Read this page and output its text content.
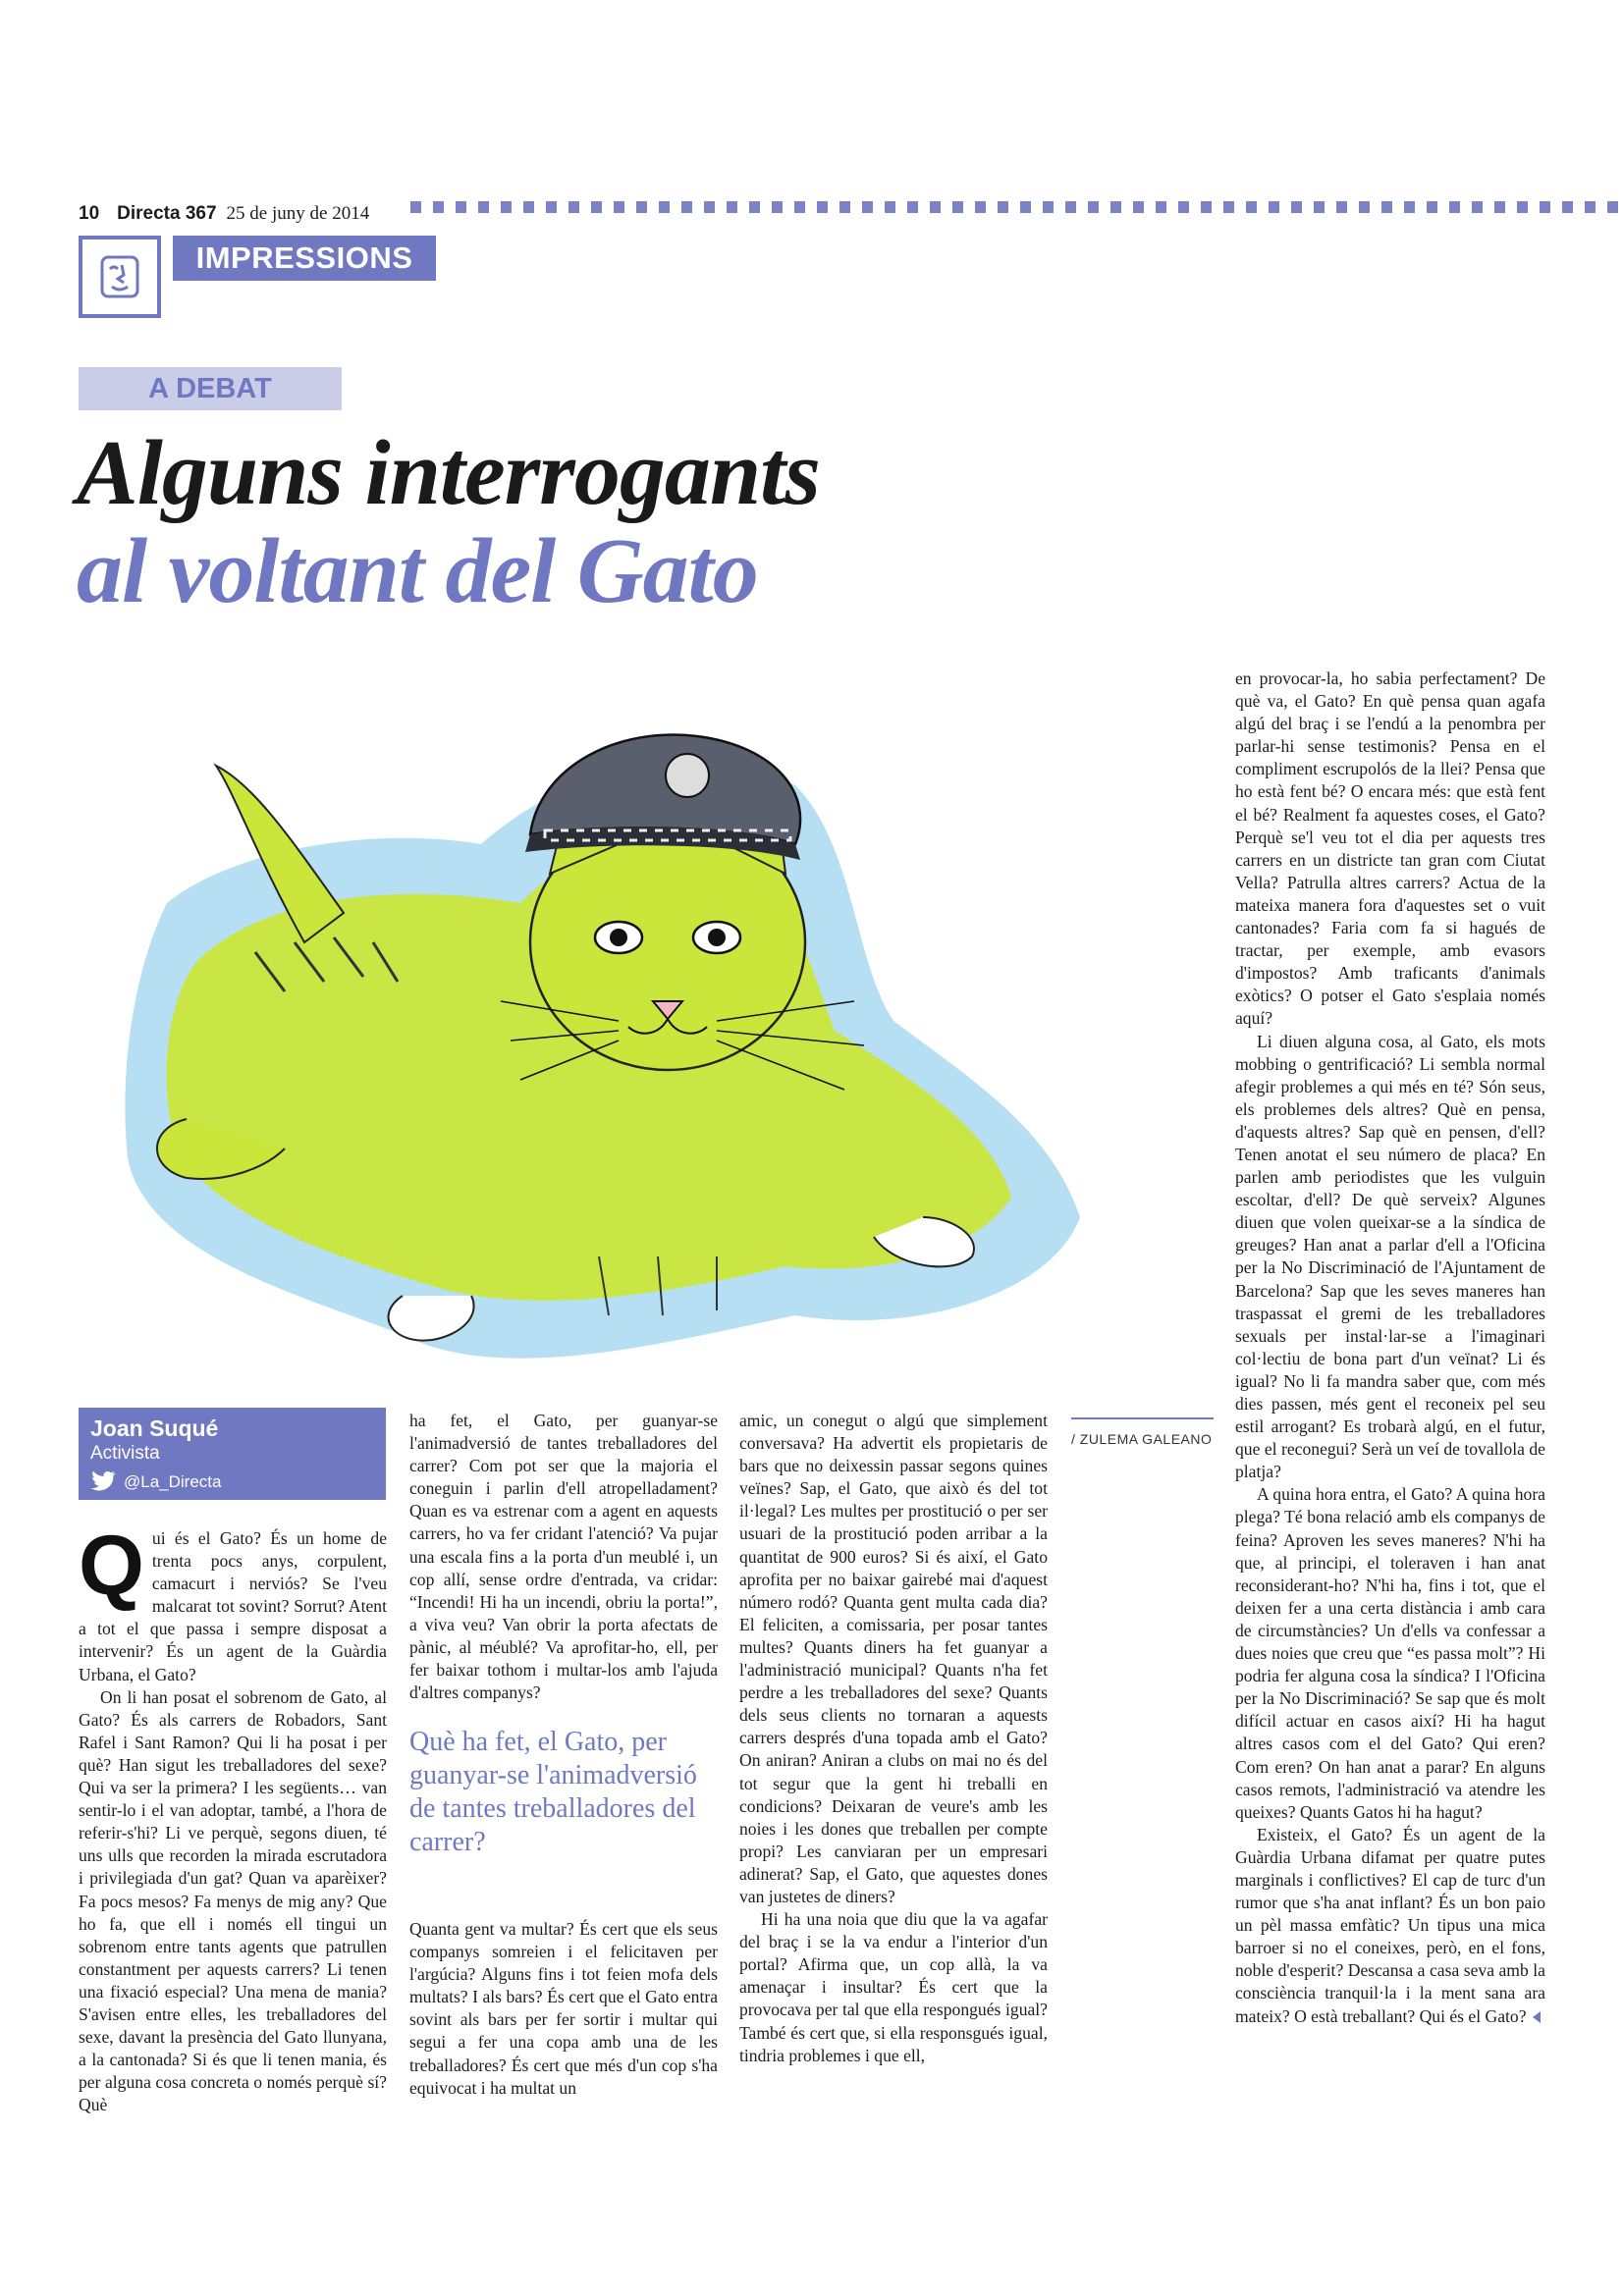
10 Directa 367 25 de juny de 2014
IMPRESSIONS
A DEBAT
Alguns interrogants
al voltant del Gato
Joan Suqué
Activista
@La_Directa
/ ZULEMA GALEANO
Q ui és el Gato? És un home de trenta pocs anys, corpulent, camacurt i nerviós? Se l'veu malcarat tot sovint? Sorrut? Atent a tot el que passa i sempre disposat a intervenir? És un agent de la Guàrdia Urbana, el Gato?

On li han posat el sobrenom de Gato, al Gato? És als carrers de Robadors, Sant Rafel i Sant Ramon? Qui li ha posat i per què? Han sigut les treballadores del sexe? Qui va ser la primera? I les següents… van sentir-lo i el van adoptar, també, a l'hora de referir-s'hi? Li ve perquè, segons diuen, té uns ulls que recorden la mirada escrutadora i privilegiada d'un gat? Quan va aparèixer? Fa pocs mesos? Fa menys de mig any? Que ho fa, que ell i només ell tingui un sobrenom entre tants agents que patrullen constantment per aquests carrers? Li tenen una fixació especial? Una mena de mania? S'avisen entre elles, les treballadores del sexe, davant la presència del Gato llunyana, a la cantonada? Si és que li tenen mania, és per alguna cosa concreta o només perquè sí? Què

ha fet, el Gato, per guanyar-se l'animadversió de tantes treballadores del carrer? Com pot ser que la majoria el coneguin i parlin d'ell atropelladament? Quan es va estrenar com a agent en aquests carrers, ho va fer cridant l'atenció? Va pujar una escala fins a la porta d'un meublé i, un cop allí, sense ordre d'entrada, va cridar: “Incendi! Hi ha un incendi, obriu la porta!”, a viva veu? Van obrir la porta afectats de pànic, al méublé? Va aprofitar-ho, ell, per fer baixar tothom i multar-los amb l'ajuda d'altres companys?

Què ha fet, el Gato, per guanyar-se l'animadversió de tantes treballadores del carrer?

Quanta gent va multar? És cert que els seus companys somreien i el felicitaven per l'argúcia? Alguns fins i tot feien mofa dels multats? I als bars? És cert que el Gato entra sovint als bars per fer sortir i multar qui segui a fer una copa amb una de les treballadores? És cert que més d'un cop s'ha equivocat i ha multat un

amic, un conegut o algú que simplement conversava? Ha advertit els propietaris de bars que no deixessin passar segons quines veïnes? Sap, el Gato, que això és del tot il·legal? Les multes per prostitució o per ser usuari de la prostitució poden arribar a la quantitat de 900 euros? Si és així, el Gato aprofita per no baixar gairebé mai d'aquest número rodó? Quanta gent multa cada dia? El feliciten, a comissaria, per posar tantes multes? Quants diners ha fet guanyar a l'administració municipal? Quants n'ha fet perdre a les treballadores del sexe? Quants dels seus clients no tornaran a aquests carrers després d'una topada amb el Gato? On aniran? Aniran a clubs on mai no és del tot segur que la gent hi treballi en condicions? Deixaran de veure's amb les noies i les dones que treballen per compte propi? Les canviaran per un empresari adinerat? Sap, el Gato, que aquestes dones van justetes de diners?

Hi ha una noia que diu que la va agafar del braç i se la va endur a l'interior d'un portal? Afirma que, un cop allà, la va amenaçar i insultar? És cert que la provocava per tal que ella respongués igual? També és cert que, si ella responsgués igual, tindria problemes i que ell,

en provocar-la, ho sabia perfectament? De què va, el Gato? En què pensa quan agafa algú del braç i se l'endú a la penombra per parlar-hi sense testimonis? Pensa en el compliment escrupolós de la llei? Pensa que ho està fent bé? O encara més: que està fent el bé? Realment fa aquestes coses, el Gato? Perquè se'l veu tot el dia per aquests tres carrers en un districte tan gran com Ciutat Vella? Patrulla altres carrers? Actua de la mateixa manera fora d'aquestes set o vuit cantonades? Faria com fa si hagués de tractar, per exemple, amb evasors d'impostos? Amb traficants d'animals exòtics? O potser el Gato s'esplaia només aquí?

Li diuen alguna cosa, al Gato, els mots mobbing o gentrificació? Li sembla normal afegir problemes a qui més en té? Són seus, els problemes dels altres? Què en pensa, d'aquests altres? Sap què en pensen, d'ell? Tenen anotat el seu número de placa? En parlen amb periodistes que les vulguin escoltar, d'ell? De què serveix? Algunes diuen que volen queixar-se a la síndica de greuges? Han anat a parlar d'ell a l'Oficina per la No Discriminació de l'Ajuntament de Barcelona? Sap que les seves maneres han traspassat el gremi de les treballadores sexuals per instal·lar-se a l'imaginari col·lectiu de bona part d'un veïnat? Li és igual? No li fa mandra saber que, com més dies passen, més gent el reconeix pel seu estil arrogant? Es trobarà algú, en el futur, que el reconegui? Serà un veí de tovallola de platja?

A quina hora entra, el Gato? A quina hora plega? Té bona relació amb els companys de feina? Aproven les seves maneres? N'hi ha que, al principi, el toleraven i han anat reconsiderant-ho? N'hi ha, fins i tot, que el deixen fer a una certa distància i amb cara de circumstàncies? Un d'ells va confessar a dues noies que creu que “es passa molt”? Hi podria fer alguna cosa la síndica? I l'Oficina per la No Discriminació? Se sap que és molt difícil actuar en casos així? Hi ha hagut altres casos com el del Gato? Qui eren? Com eren? On han anat a parar? En alguns casos remots, l'administració va atendre les queixes? Quants Gatos hi ha hagut?

Existeix, el Gato? És un agent de la Guàrdia Urbana difamat per quatre putes marginals i conflictives? El cap de turc d'un rumor que s'ha anat inflant? És un bon paio un pèl massa emfàtic? Un tipus una mica barroer si no el coneixes, però, en el fons, noble d'esperit? Descansa a casa seva amb la consciència tranquil·la i la ment sana ara mateix? O està treballant? Qui és el Gato?
